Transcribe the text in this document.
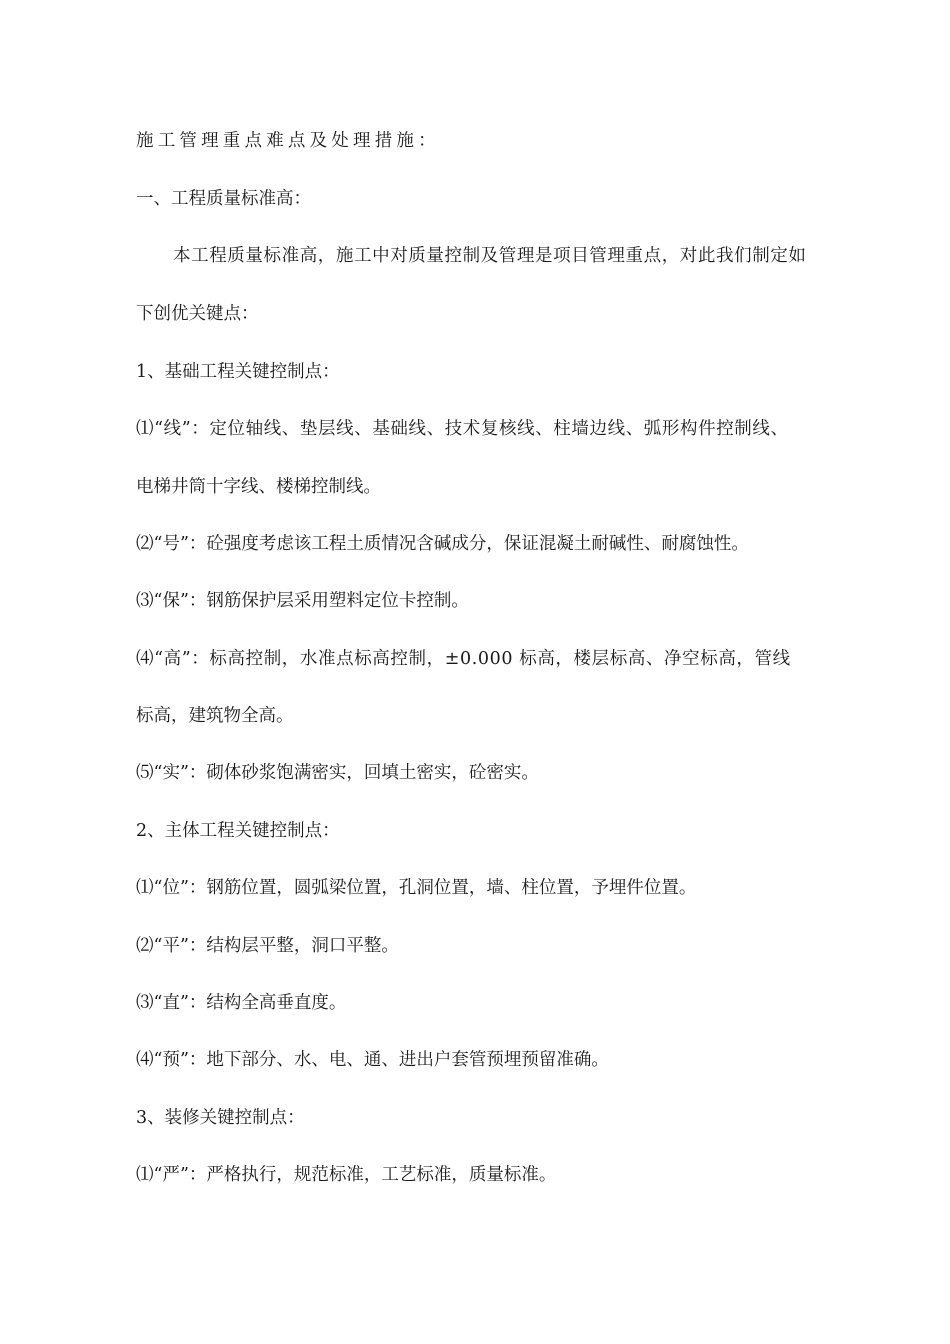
施工管理重点难点及处理措施：
一、工程质量标准高：
本工程质量标准高，施工中对质量控制及管理是项目管理重点，对此我们制定如
下创优关键点：
1、基础工程关键控制点：
⑴“线”：定位轴线、垫层线、基础线、技术复核线、柱墙边线、弧形构件控制线、
电梯井筒十字线、楼梯控制线。
⑵“号”：砼强度考虑该工程土质情况含碱成分，保证混凝土耐碱性、耐腐蚀性。
⑶“保”：钢筋保护层采用塑料定位卡控制。
⑷“高”：标高控制，水准点标高控制，±0.000 标高，楼层标高、净空标高，管线
标高，建筑物全高。
⑸“实”：砌体砂浆饱满密实，回填土密实，砼密实。
2、主体工程关键控制点：
⑴“位”：钢筋位置，圆弧梁位置，孔洞位置，墙、柱位置，予埋件位置。
⑵“平”：结构层平整，洞口平整。
⑶“直”：结构全高垂直度。
⑷“预”：地下部分、水、电、通、进出户套管预埋预留准确。
3、装修关键控制点：
⑴“严”：严格执行，规范标准，工艺标准，质量标准。
